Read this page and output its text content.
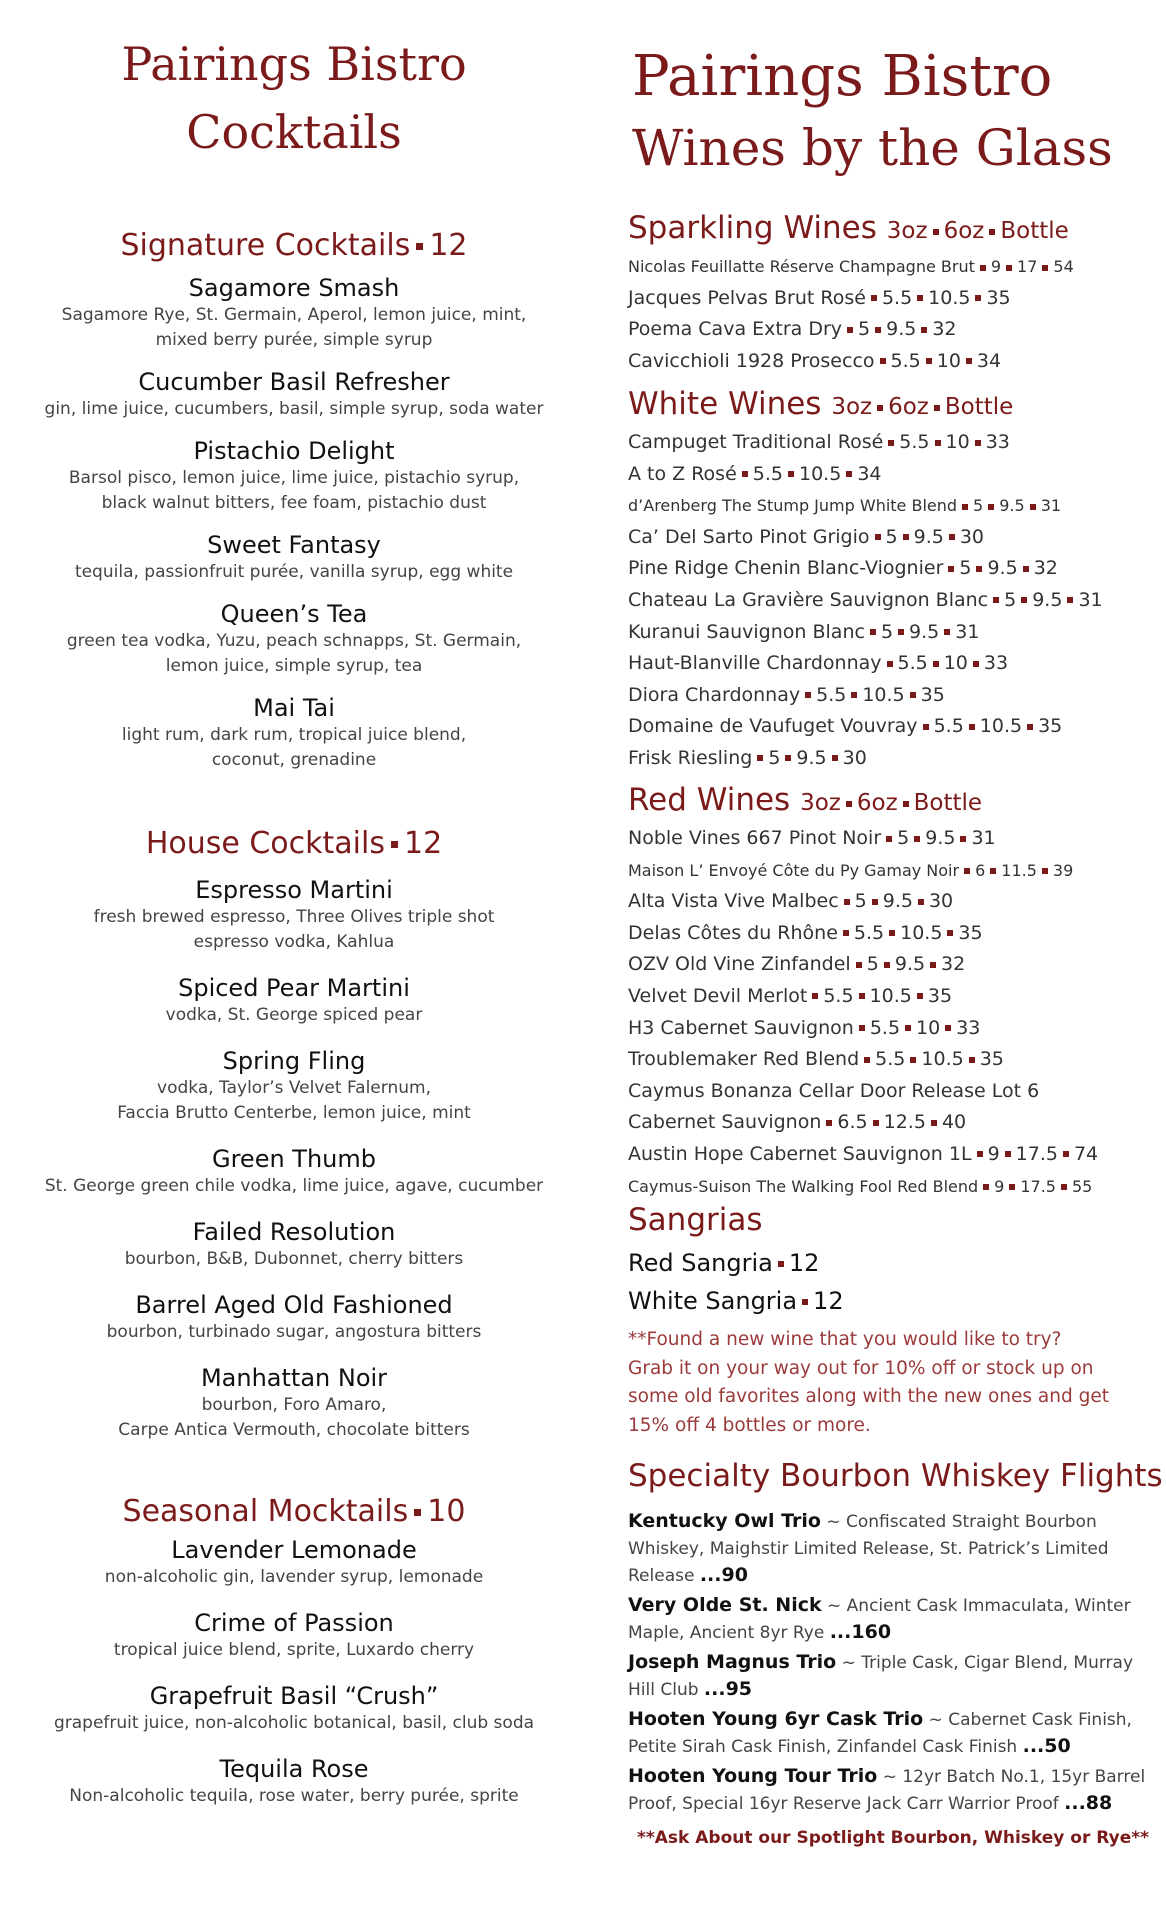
Pairings Bistro
Cocktails
Signature Cocktails 12
Sagamore Smash
Sagamore Rye, St. Germain, Aperol, lemon juice, mint,
mixed berry purée, simple syrup
Cucumber Basil Refresher
gin, lime juice, cucumbers, basil, simple syrup, soda water
Pistachio Delight
Barsol pisco, lemon juice, lime juice, pistachio syrup,
black walnut bitters, fee foam, pistachio dust
Sweet Fantasy
tequila, passionfruit purée, vanilla syrup, egg white
Queen’s Tea
green tea vodka, Yuzu, peach schnapps, St. Germain,
lemon juice, simple syrup, tea
Mai Tai
light rum, dark rum, tropical juice blend,
coconut, grenadine
House Cocktails 12
Espresso Martini
fresh brewed espresso, Three Olives triple shot
espresso vodka, Kahlua
Spiced Pear Martini
vodka, St. George spiced pear
Spring Fling
vodka, Taylor’s Velvet Falernum,
Faccia Brutto Centerbe, lemon juice, mint
Green Thumb
St. George green chile vodka, lime juice, agave, cucumber
Failed Resolution
bourbon, B&B, Dubonnet, cherry bitters
Barrel Aged Old Fashioned
bourbon, turbinado sugar, angostura bitters
Manhattan Noir
bourbon, Foro Amaro,
Carpe Antica Vermouth, chocolate bitters
Seasonal Mocktails 10
Lavender Lemonade
non-alcoholic gin, lavender syrup, lemonade
Crime of Passion
tropical juice blend, sprite, Luxardo cherry
Grapefruit Basil “Crush”
grapefruit juice, non-alcoholic botanical, basil, club soda
Tequila Rose
Non-alcoholic tequila, rose water, berry purée, sprite
Pairings Bistro
Wines by the Glass
Sparkling Wines 3oz 6oz Bottle
Nicolas Feuillatte Réserve Champagne Brut 9 17 54
Jacques Pelvas Brut Rosé 5.5 10.5 35
Poema Cava Extra Dry 5 9.5 32
Cavicchioli 1928 Prosecco 5.5 10 34
White Wines 3oz 6oz Bottle
Campuget Traditional Rosé 5.5 10 33
A to Z Rosé 5.5 10.5 34
d’Arenberg The Stump Jump White Blend 5 9.5 31
Ca’ Del Sarto Pinot Grigio 5 9.5 30
Pine Ridge Chenin Blanc-Viognier 5 9.5 32
Chateau La Gravière Sauvignon Blanc 5 9.5 31
Kuranui Sauvignon Blanc 5 9.5 31
Haut-Blanville Chardonnay 5.5 10 33
Diora Chardonnay 5.5 10.5 35
Domaine de Vaufuget Vouvray 5.5 10.5 35
Frisk Riesling 5 9.5 30
Red Wines 3oz 6oz Bottle
Noble Vines 667 Pinot Noir 5 9.5 31
Maison L’ Envoyé Côte du Py Gamay Noir 6 11.5 39
Alta Vista Vive Malbec 5 9.5 30
Delas Côtes du Rhône 5.5 10.5 35
OZV Old Vine Zinfandel 5 9.5 32
Velvet Devil Merlot 5.5 10.5 35
H3 Cabernet Sauvignon 5.5 10 33
Troublemaker Red Blend 5.5 10.5 35
Caymus Bonanza Cellar Door Release Lot 6
Cabernet Sauvignon 6.5 12.5 40
Austin Hope Cabernet Sauvignon 1L 9 17.5 74
Caymus-Suison The Walking Fool Red Blend 9 17.5 55
Sangrias
Red Sangria 12
White Sangria 12
**Found a new wine that you would like to try?
Grab it on your way out for 10% off or stock up on
some old favorites along with the new ones and get
15% off 4 bottles or more.
Specialty Bourbon Whiskey Flights
Kentucky Owl Trio ~ Confiscated Straight Bourbon Whiskey, Maighstir Limited Release, St. Patrick’s Limited Release ...90
Very Olde St. Nick ~ Ancient Cask Immaculata, Winter Maple, Ancient 8yr Rye ...160
Joseph Magnus Trio ~ Triple Cask, Cigar Blend, Murray Hill Club ...95
Hooten Young 6yr Cask Trio ~ Cabernet Cask Finish, Petite Sirah Cask Finish, Zinfandel Cask Finish ...50
Hooten Young Tour Trio ~ 12yr Batch No.1, 15yr Barrel Proof, Special 16yr Reserve Jack Carr Warrior Proof ...88
**Ask About our Spotlight Bourbon, Whiskey or Rye**
